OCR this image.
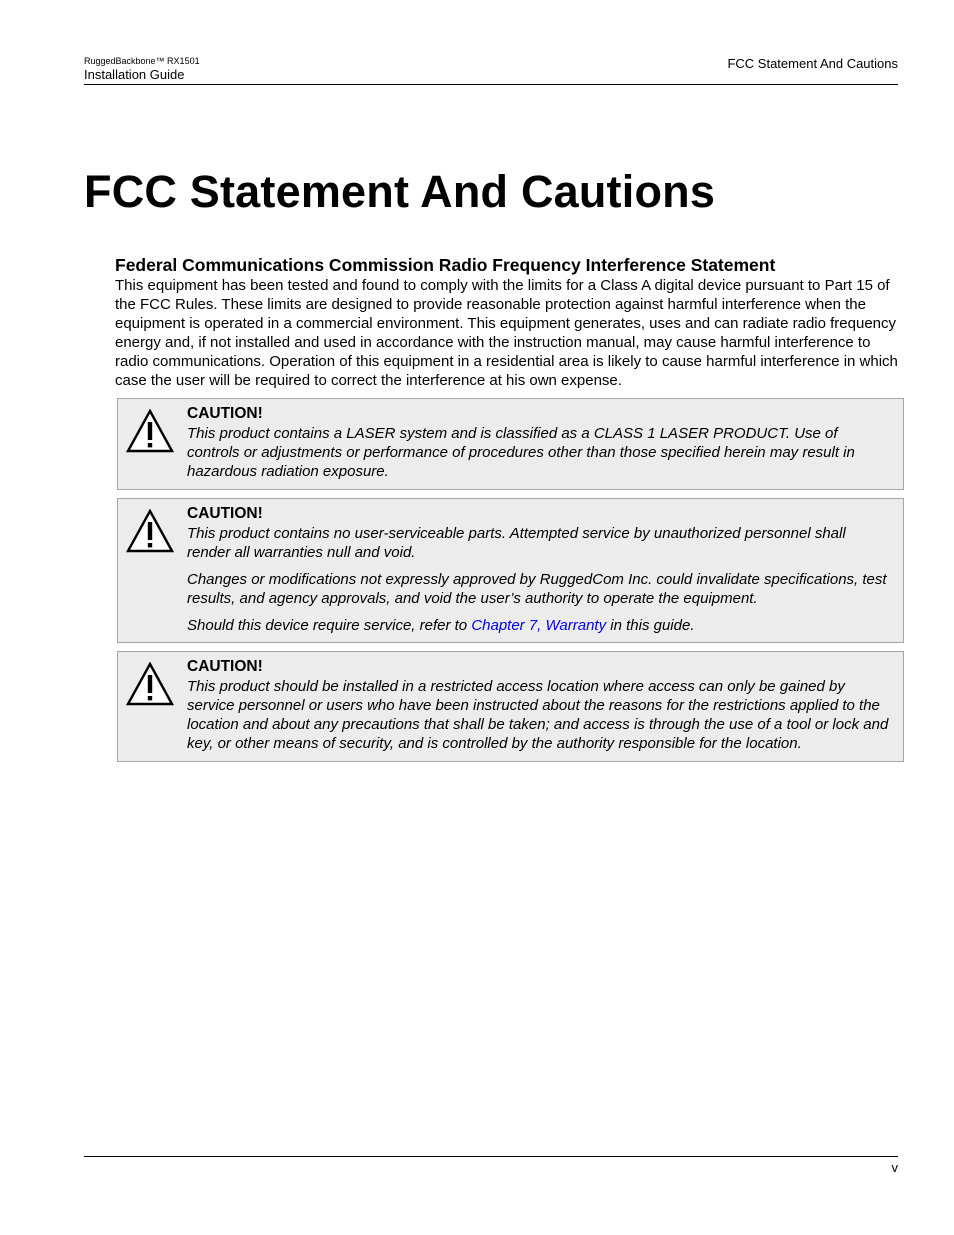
RuggedBackbone™ RX1501
Installation Guide
FCC Statement And Cautions
FCC Statement And Cautions
Federal Communications Commission Radio Frequency Interference Statement

This equipment has been tested and found to comply with the limits for a Class A digital device pursuant to Part 15 of the FCC Rules. These limits are designed to provide reasonable protection against harmful interference when the equipment is operated in a commercial environment. This equipment generates, uses and can radiate radio frequency energy and, if not installed and used in accordance with the instruction manual, may cause harmful interference to radio communications. Operation of this equipment in a residential area is likely to cause harmful interference in which case the user will be required to correct the interference at his own expense.

CAUTION!

This product contains a LASER system and is classified as a CLASS 1 LASER PRODUCT. Use of controls or adjustments or performance of procedures other than those specified herein may result in hazardous radiation exposure.

CAUTION!

This product contains no user-serviceable parts. Attempted service by unauthorized personnel shall render all warranties null and void.

Changes or modifications not expressly approved by RuggedCom Inc. could invalidate specifications, test results, and agency approvals, and void the user’s authority to operate the equipment.

Should this device require service, refer to Chapter 7, Warranty in this guide.

CAUTION!

This product should be installed in a restricted access location where access can only be gained by service personnel or users who have been instructed about the reasons for the restrictions applied to the location and about any precautions that shall be taken; and access is through the use of a tool or lock and key, or other means of security, and is controlled by the authority responsible for the location.

v
